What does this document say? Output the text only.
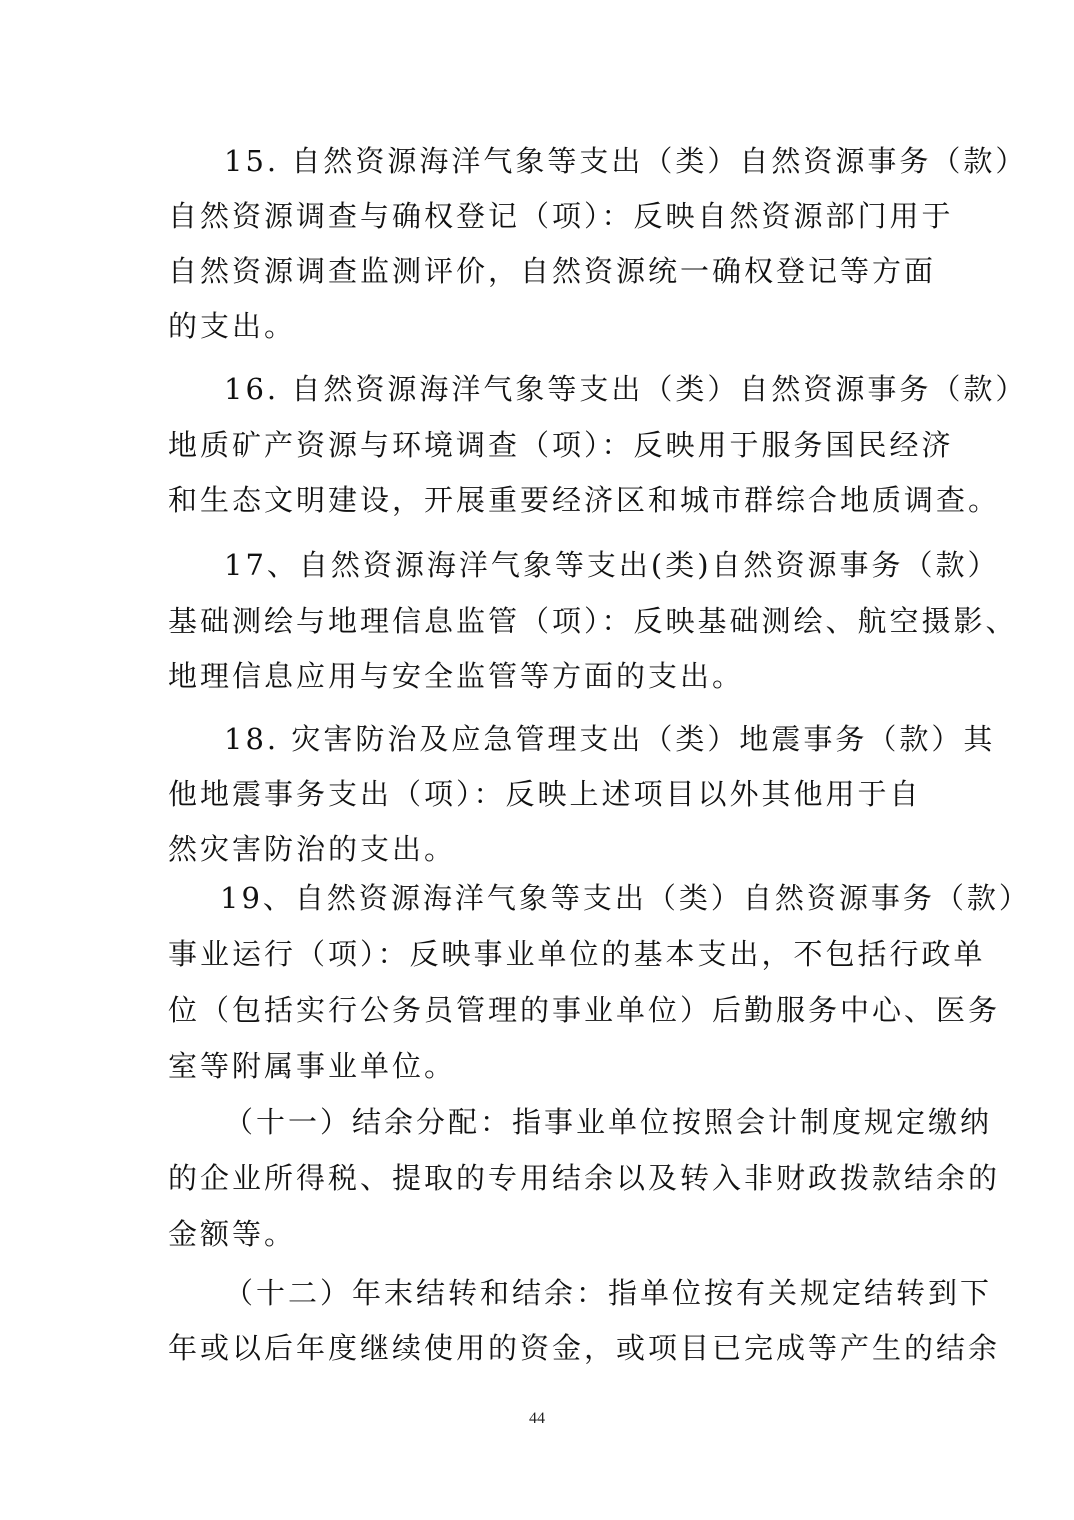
15. 自然资源海洋气象等支出（类）自然资源事务（款）
自然资源调查与确权登记（项）：反映自然资源部门用于
自然资源调查监测评价，自然资源统一确权登记等方面
的支出。
16. 自然资源海洋气象等支出（类）自然资源事务（款）
地质矿产资源与环境调查（项）：反映用于服务国民经济
和生态文明建设，开展重要经济区和城市群综合地质调查。
17、自然资源海洋气象等支出(类)自然资源事务（款）
基础测绘与地理信息监管（项）：反映基础测绘、航空摄影、
地理信息应用与安全监管等方面的支出。
18. 灾害防治及应急管理支出（类）地震事务（款）其
他地震事务支出（项）：反映上述项目以外其他用于自
然灾害防治的支出。
19、自然资源海洋气象等支出（类）自然资源事务（款）
事业运行（项）：反映事业单位的基本支出，不包括行政单
位（包括实行公务员管理的事业单位）后勤服务中心、医务
室等附属事业单位。
（十一）结余分配：指事业单位按照会计制度规定缴纳
的企业所得税、提取的专用结余以及转入非财政拨款结余的
金额等。
（十二）年末结转和结余：指单位按有关规定结转到下
年或以后年度继续使用的资金，或项目已完成等产生的结余
44
